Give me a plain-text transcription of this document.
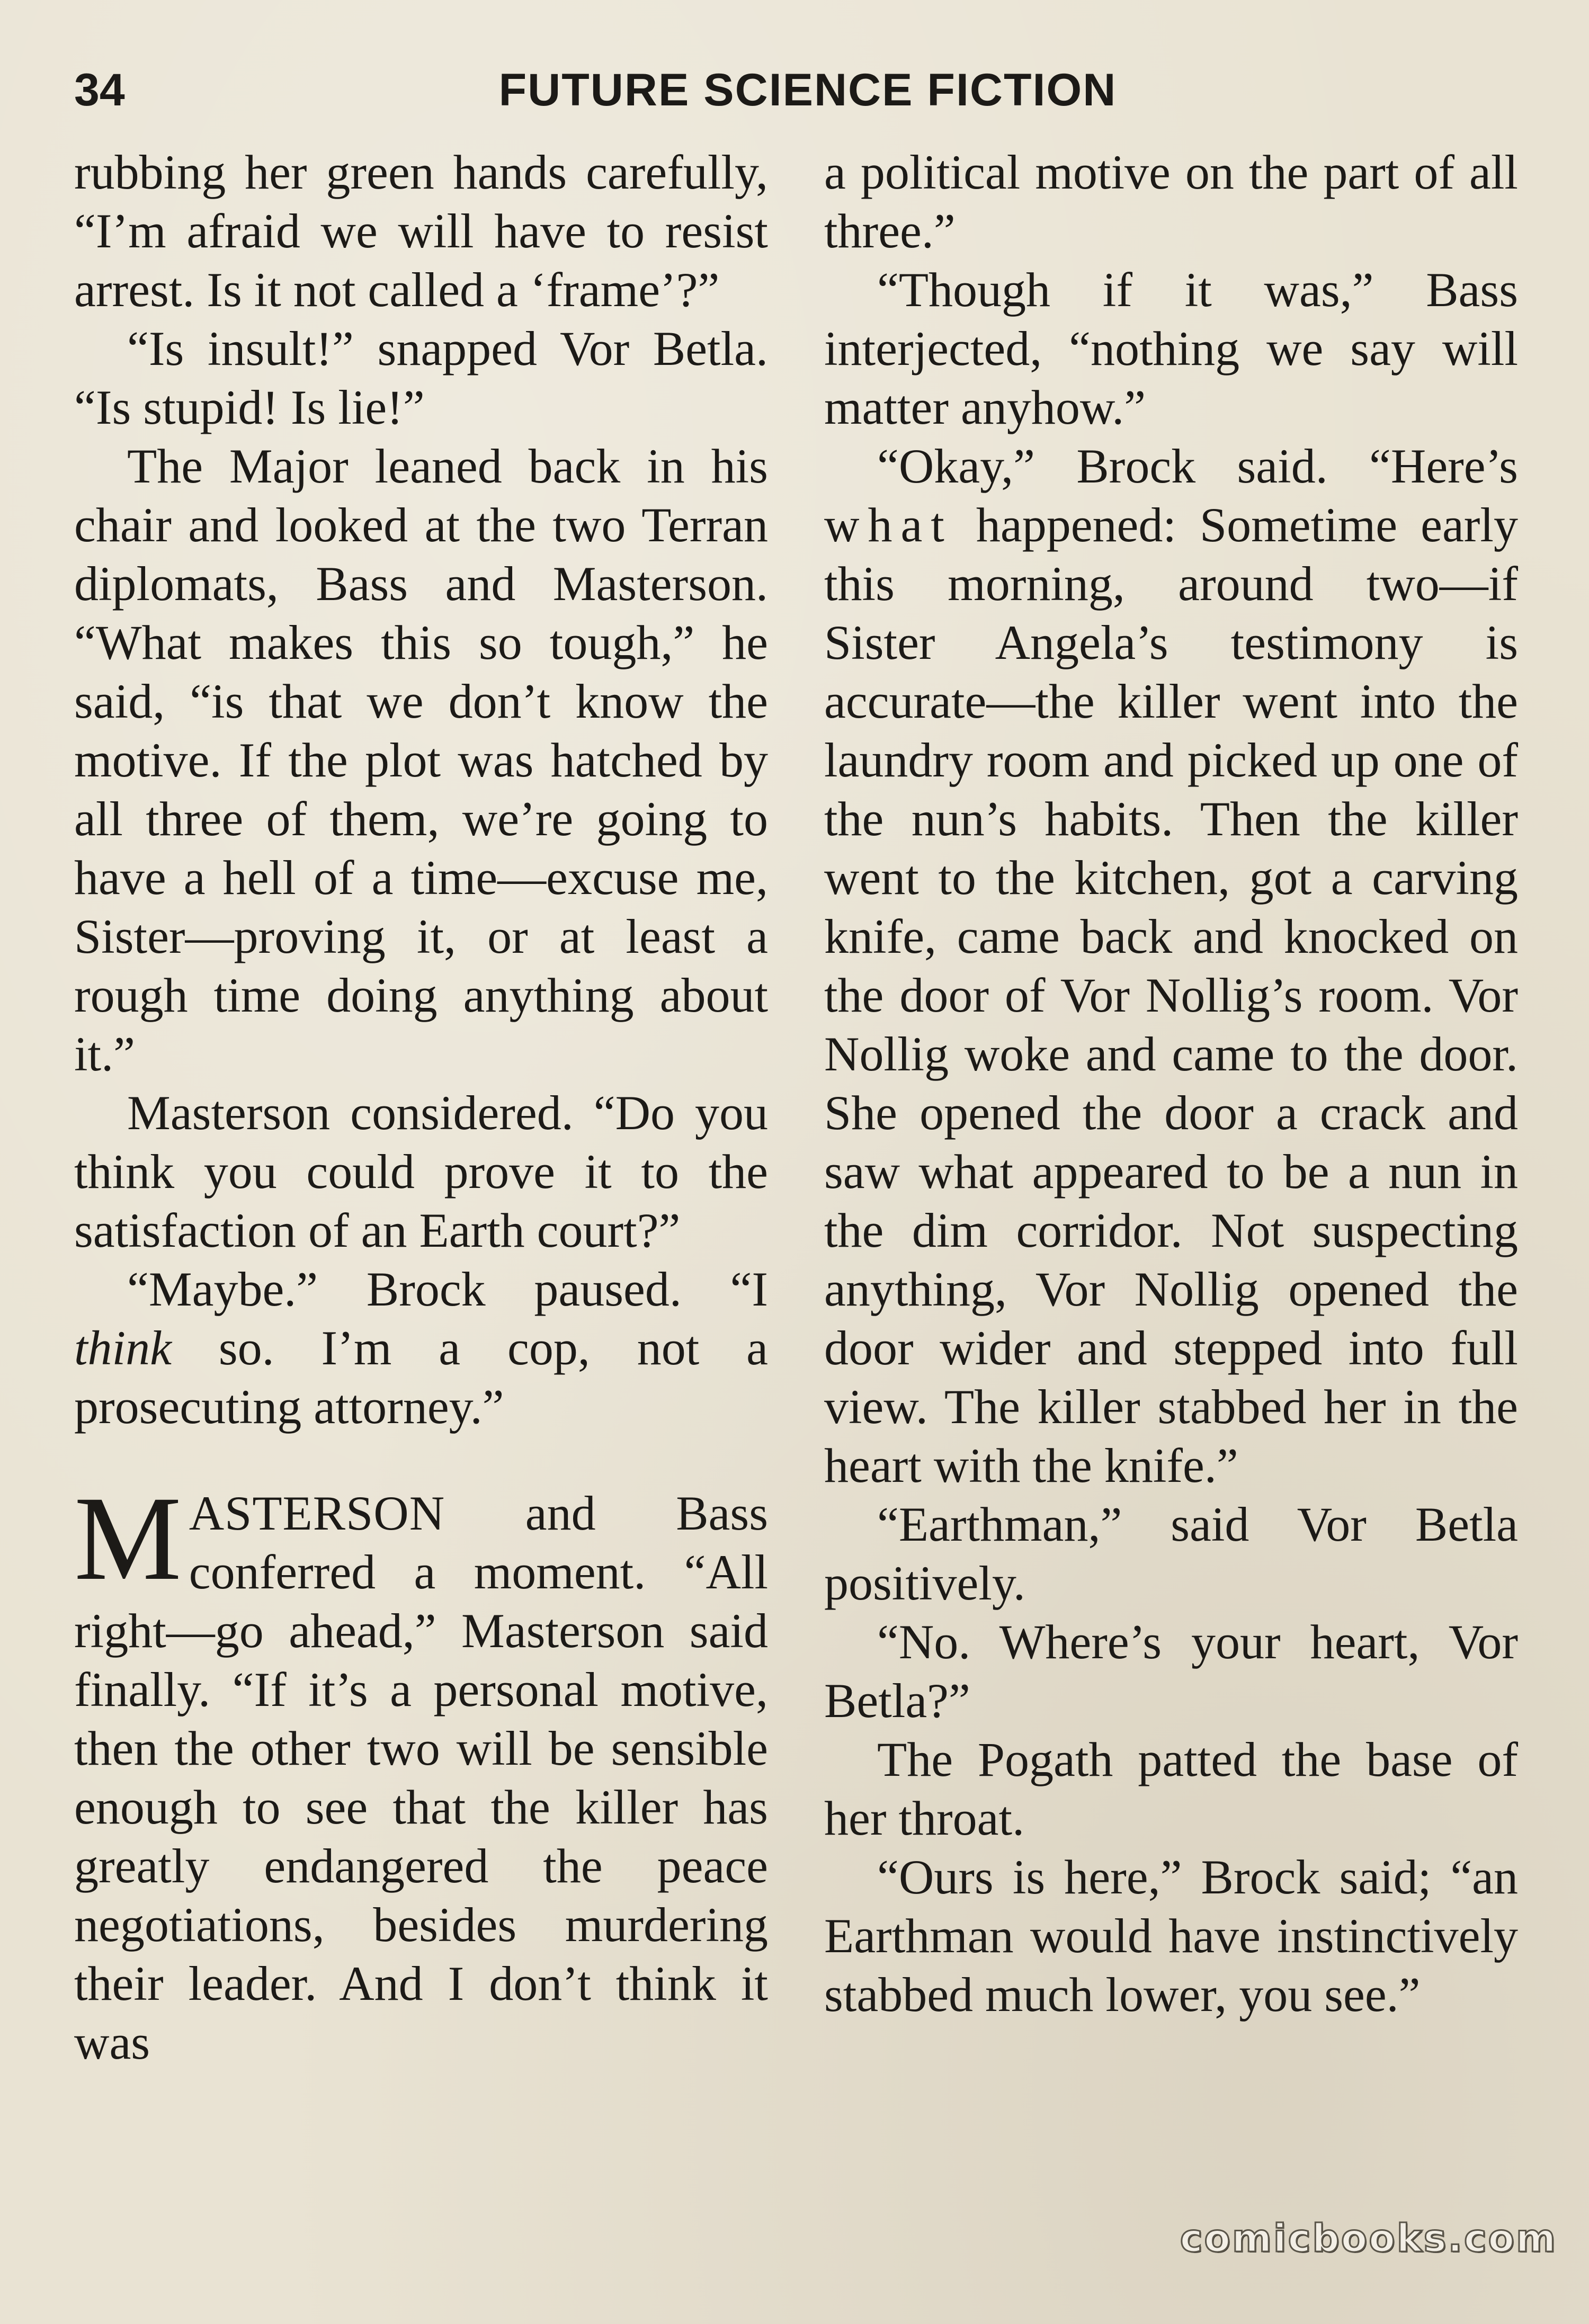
34	FUTURE SCIENCE FICTION

rubbing her green hands carefully, “I’m afraid we will have to resist arrest. Is it not called a ‘frame’?”

“Is insult!” snapped Vor Betla. “Is stupid! Is lie!”

The Major leaned back in his chair and looked at the two Terran diplomats, Bass and Masterson. “What makes this so tough,” he said, “is that we don’t know the motive. If the plot was hatched by all three of them, we’re going to have a hell of a time—excuse me, Sister—proving it, or at least a rough time doing anything about it.”

Masterson considered. “Do you think you could prove it to the satisfaction of an Earth court?”

“Maybe.” Brock paused. “I think so. I’m a cop, not a prosecuting attorney.”

MASTERSON and Bass conferred a moment. “All right—go ahead,” Masterson said finally. “If it’s a personal motive, then the other two will be sensible enough to see that the killer has greatly endangered the peace negotiations, besides murdering their leader. And I don’t think it was

a political motive on the part of all three.”

“Though if it was,” Bass interjected, “nothing we say will matter anyhow.”

“Okay,” Brock said. “Here’s what happened: Sometime early this morning, around two—if Sister Angela’s testimony is accurate—the killer went into the laundry room and picked up one of the nun’s habits. Then the killer went to the kitchen, got a carving knife, came back and knocked on the door of Vor Nollig’s room. Vor Nollig woke and came to the door. She opened the door a crack and saw what appeared to be a nun in the dim corridor. Not suspecting anything, Vor Nollig opened the door wider and stepped into full view. The killer stabbed her in the heart with the knife.”

“Earthman,” said Vor Betla positively.

“No. Where’s your heart, Vor Betla?”

The Pogath patted the base of her throat.

“Ours is here,” Brock said; “an Earthman would have instinctively stabbed much lower, you see.”

comicbooks.com
